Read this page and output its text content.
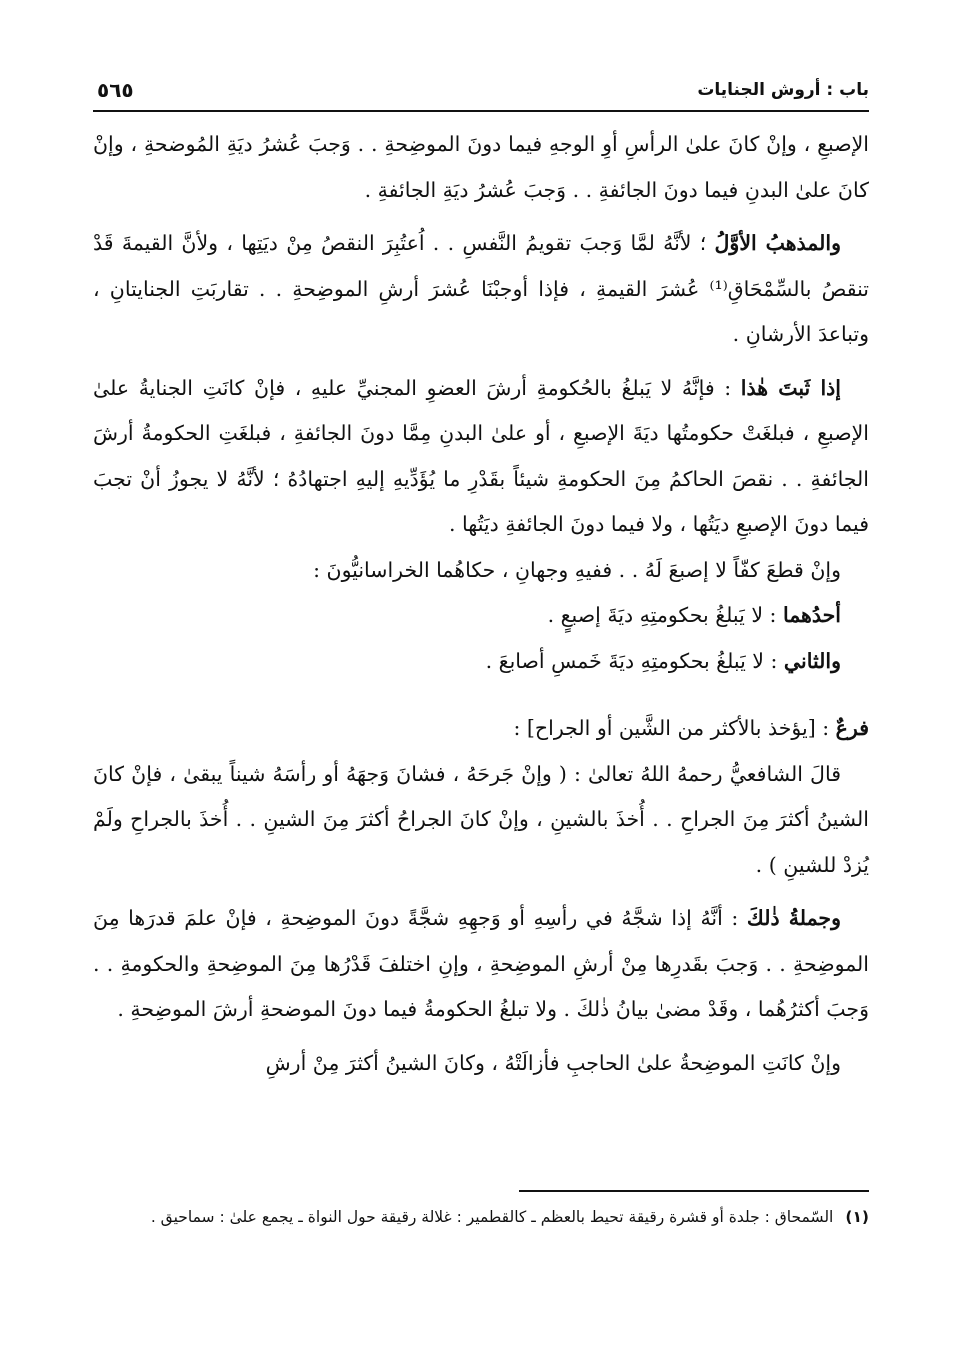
باب : أروش الجنايات
٥٦٥

الإصبعِ ، وإنْ كانَ علىٰ الرأسِ أوِ الوجهِ فيما دونَ الموضِحةِ . . وَجبَ عُشرُ ديَةِ المُوضحةِ ، وإنْ كانَ علىٰ البدنِ فيما دونَ الجائفةِ . . وَجبَ عُشرُ ديَةِ الجائفةِ .

والمذهبُ الأوَّلُ ؛ لأنَّهُ لمَّا وَجبَ تقويمُ النَّفسِ . . اُعتُبِرَ النقصُ مِنْ ديَتِها ، ولأنَّ القيمةَ قَدْ تنقصُ بالسِّمْحَاقِ⁽¹⁾ عُشرَ القيمةِ ، فإذا أوجبْنَا عُشرَ أرشِ الموضِحةِ . . تقاربَتِ الجنايتانِ ، وتباعدَ الأرشانِ .

إذا ثَبتَ هٰذا : فإنَّهُ لا يَبلغُ بالحُكومةِ أرشَ العضوِ المجنيِّ عليهِ ، فإنْ كانَتِ الجنايةُ علىٰ الإصبعِ ، فبلغَتْ حكومتُها ديَةَ الإصبعِ ، أو علىٰ البدنِ مِمَّا دونَ الجائفةِ ، فبلغَتِ الحكومةُ أرشَ الجائفةِ . . نقصَ الحاكمُ مِنَ الحكومةِ شيئاً بقَدْرِ ما يُؤَدِّيهِ إليهِ اجتهادُهُ ؛ لأنَّهُ لا يجوزُ أنْ تجبَ فيما دونَ الإصبعِ ديَتُها ، ولا فيما دونَ الجائفةِ ديَتُها .

وإنْ قطعَ كفّاً لا إصبعَ لَهُ . . ففيهِ وجهانِ ، حكاهُما الخراسانيُّونَ :

أحدُهما : لا يَبلغُ بحكومتِهِ ديَةَ إصبعٍ .

والثاني : لا يَبلغُ بحكومتِهِ ديَةَ خَمسِ أصابعَ .

فرعٌ : [يؤخذ بالأكثر من الشَّين أو الجراح] :

قالَ الشافعيُّ رحمهُ اللهُ تعالىٰ : ( وإنْ جَرحَهُ ، فشانَ وَجهَهُ أو رأسَهُ شيناً يبقىٰ ، فإنْ كانَ الشينُ أكثرَ مِنَ الجراحِ . . أُخذَ بالشينِ ، وإنْ كانَ الجراحُ أكثرَ مِنَ الشينِ . . أُخذَ بالجراحِ ولَمْ يُزدْ للشينِ ) .

وجملةُ ذٰلكَ : أنَّهُ إذا شجَّهُ في رأسِهِ أو وَجهِهِ شجَّةً دونَ الموضِحةِ ، فإنْ علمَ قدرَها مِنَ الموضِحةِ . . وَجبَ بقَدرِها مِنْ أرشِ الموضِحةِ ، وإنِ اختلفَ قَدْرُها مِنَ الموضِحةِ والحكومةِ . . وَجبَ أكثرُهُما ، وقَدْ مضىٰ بيانُ ذٰلكَ . ولا تبلغُ الحكومةُ فيما دونَ الموضحةِ أرشَ الموضِحةِ .

وإنْ كانَتِ الموضِحةُ علىٰ الحاجبِ فأزالَتْهُ ، وكانَ الشينُ أكثرَ مِنْ أرشِ

(١)السّمحاق : جلدة أو قشرة رقيقة تحيط بالعظم ـ كالقطمير : غلالة رقيقة حول النواة ـ يجمع علىٰ : سماحيق .
